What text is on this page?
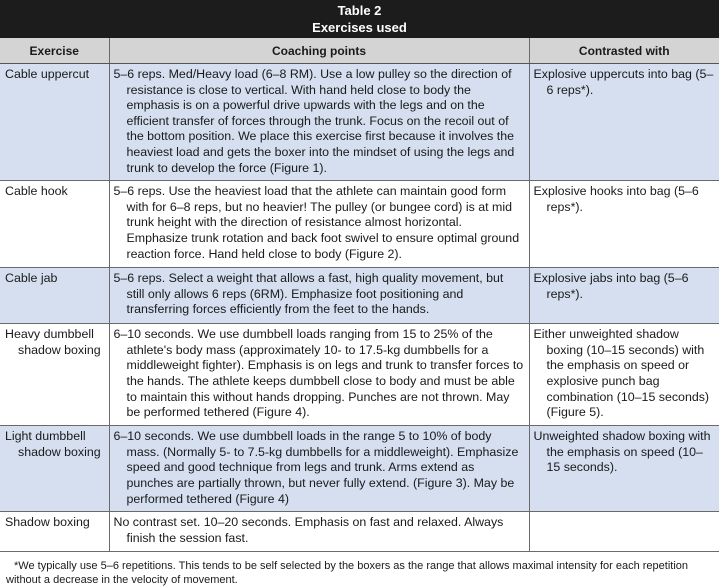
Table 2
Exercises used
Exercise	Coaching points	Contrasted with

Cable uppercut	5–6 reps. Med/Heavy load (6–8 RM). Use a low pulley so the direction of resistance is close to vertical. With hand held close to body the emphasis is on a powerful drive upwards with the legs and on the efficient transfer of forces through the trunk. Focus on the recoil out of the bottom position. We place this exercise first because it involves the heaviest load and gets the boxer into the mindset of using the legs and trunk to develop the force (Figure 1).	Explosive uppercuts into bag (5–6 reps*).

Cable hook	5–6 reps. Use the heaviest load that the athlete can maintain good form with for 6–8 reps, but no heavier! The pulley (or bungee cord) is at mid trunk height with the direction of resistance almost horizontal. Emphasize trunk rotation and back foot swivel to ensure optimal ground reaction force. Hand held close to body (Figure 2).	Explosive hooks into bag (5–6 reps*).

Cable jab	5–6 reps. Select a weight that allows a fast, high quality movement, but still only allows 6 reps (6RM). Emphasize foot positioning and transferring forces efficiently from the feet to the hands.	Explosive jabs into bag (5–6 reps*).

Heavy dumbbell shadow boxing	6–10 seconds. We use dumbbell loads ranging from 15 to 25% of the athlete's body mass (approximately 10- to 17.5-kg dumbbells for a middleweight fighter). Emphasis is on legs and trunk to transfer forces to the hands. The athlete keeps dumbbell close to body and must be able to maintain this without hands dropping. Punches are not thrown. May be performed tethered (Figure 4).	Either unweighted shadow boxing (10–15 seconds) with the emphasis on speed or explosive punch bag combination (10–15 seconds) (Figure 5).

Light dumbbell shadow boxing	6–10 seconds. We use dumbbell loads in the range 5 to 10% of body mass. (Normally 5- to 7.5-kg dumbbells for a middleweight). Emphasize speed and good technique from legs and trunk. Arms extend as punches are partially thrown, but never fully extend. (Figure 3). May be performed tethered (Figure 4)	Unweighted shadow boxing with the emphasis on speed (10–15 seconds).

Shadow boxing	No contrast set. 10–20 seconds. Emphasis on fast and relaxed. Always finish the session fast.	

*We typically use 5–6 repetitions. This tends to be self selected by the boxers as the range that allows maximal intensity for each repetition without a decrease in the velocity of movement.
